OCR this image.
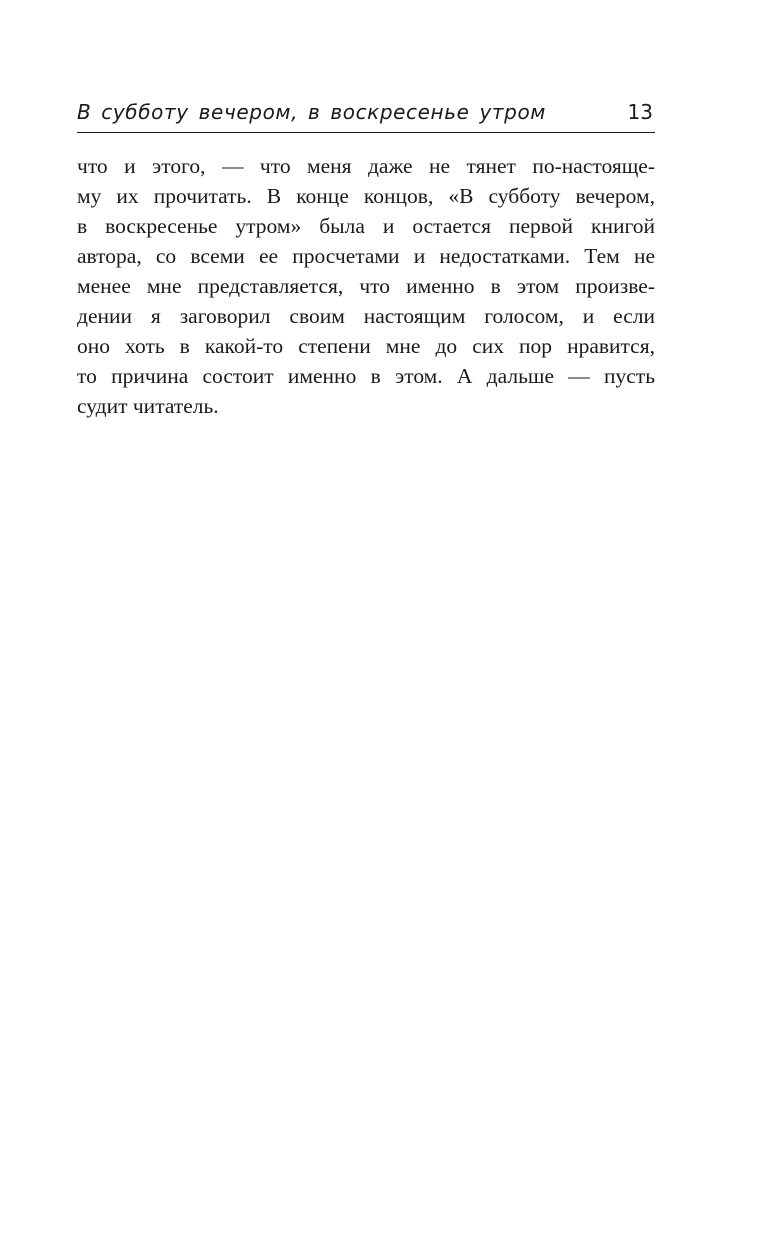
В субботу вечером, в воскресенье утром	13
что и этого, — что меня даже не тянет по-настояще-
му их прочитать. В конце концов, «В субботу вечером,
в воскресенье утром» была и остается первой книгой
автора, со всеми ее просчетами и недостатками. Тем не
менее мне представляется, что именно в этом произве-
дении я заговорил своим настоящим голосом, и если
оно хоть в какой-то степени мне до сих пор нравится,
то причина состоит именно в этом. А дальше — пусть
судит читатель.
